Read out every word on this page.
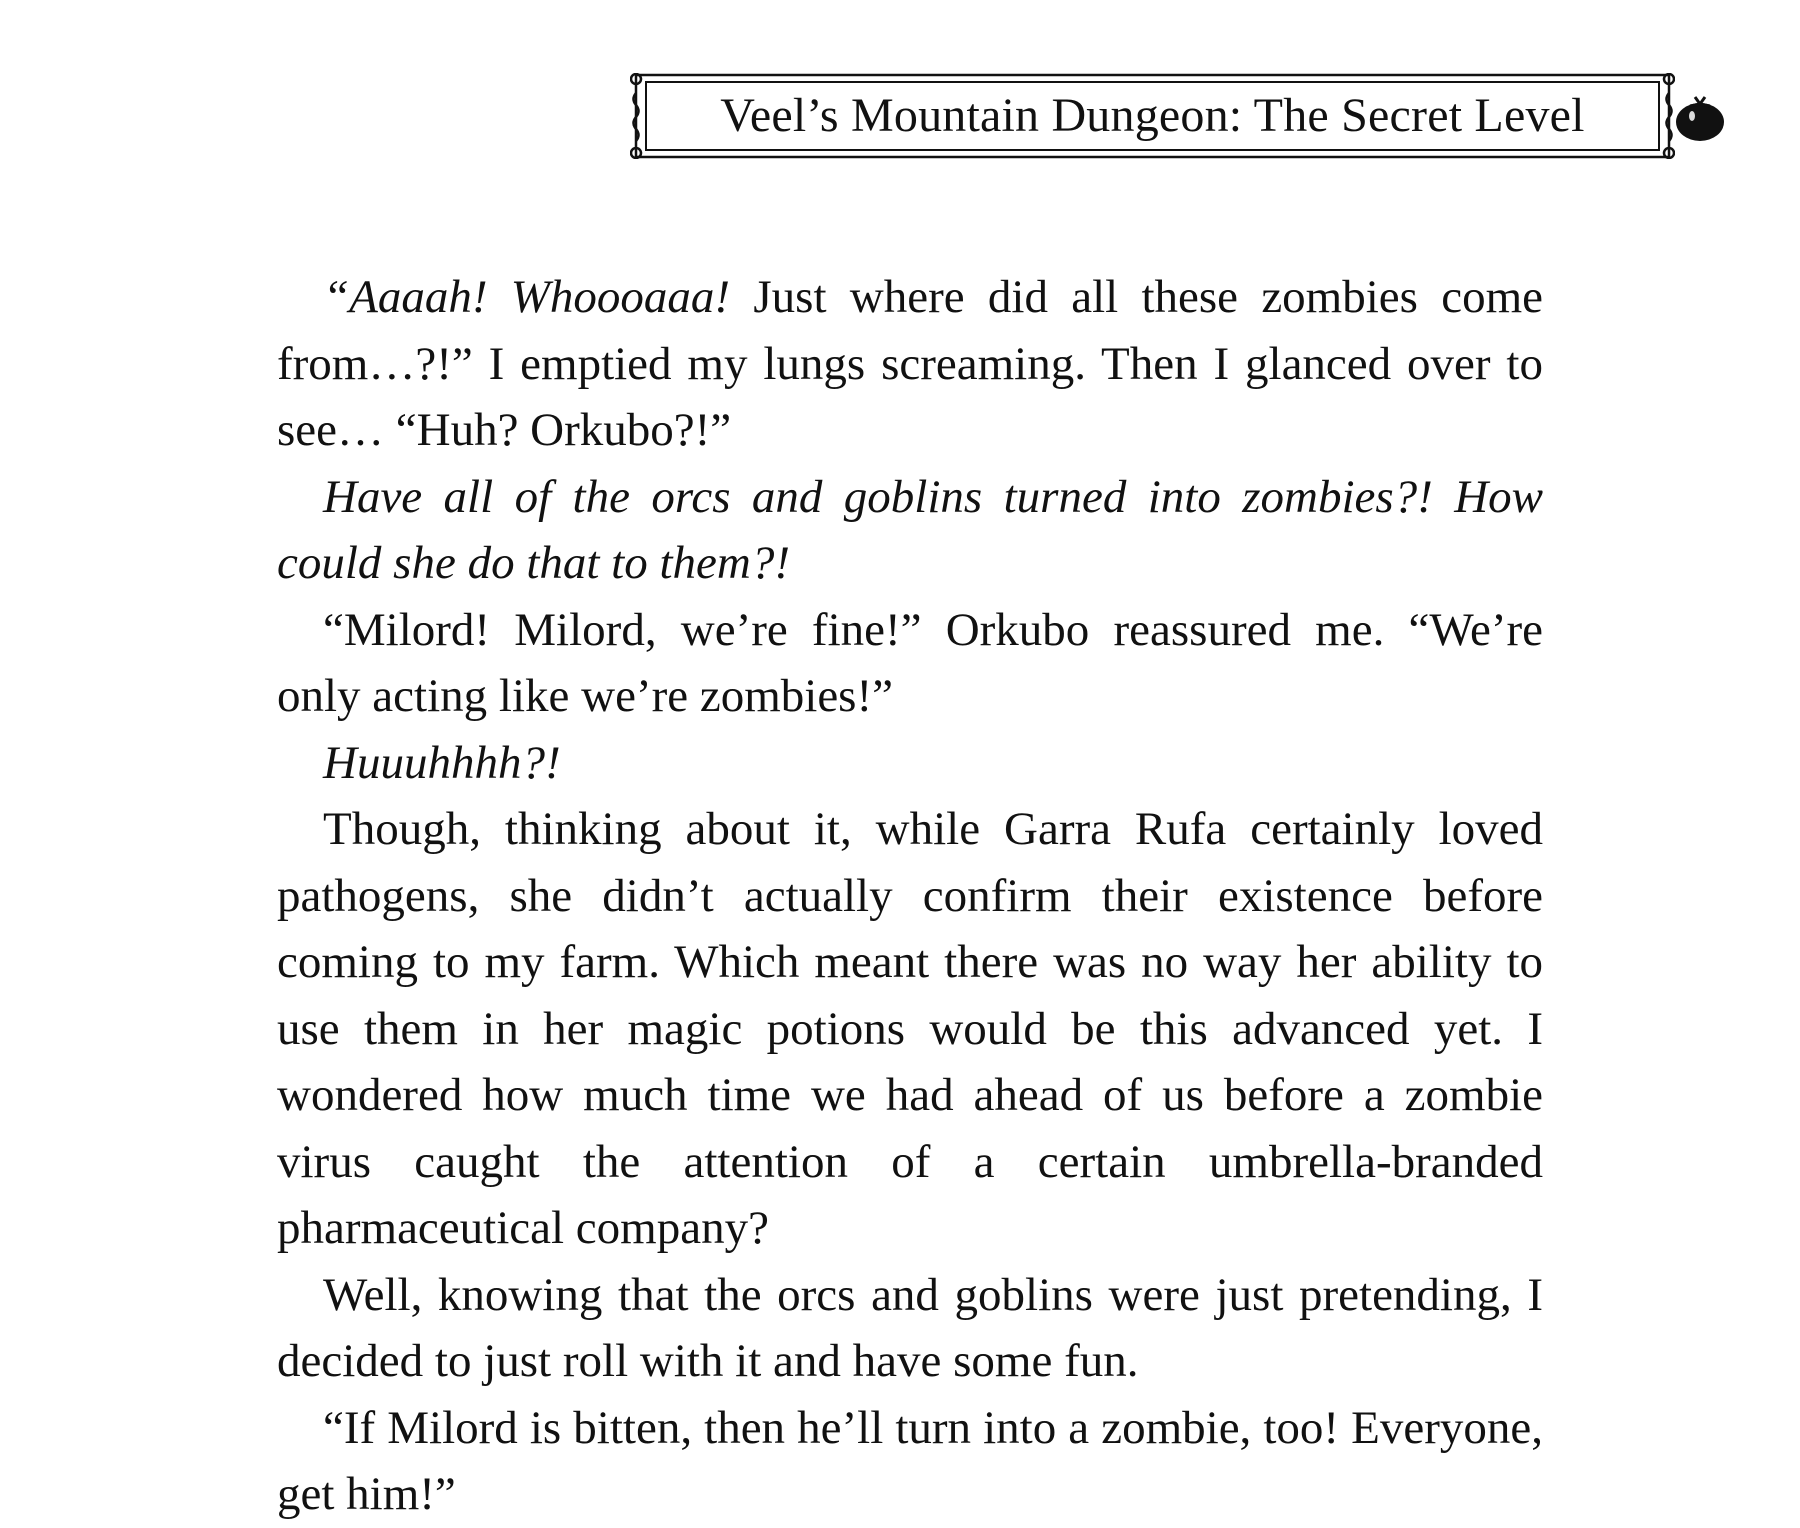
Veel’s Mountain Dungeon: The Secret Level

“Aaaah! Whoooaaa! Just where did all these zombies come from…?!” I emptied my lungs screaming. Then I glanced over to see… “Huh? Orkubo?!”

Have all of the orcs and goblins turned into zombies?! How could she do that to them?!

“Milord! Milord, we’re fine!” Orkubo reassured me. “We’re only acting like we’re zombies!”

Huuuhhhh?!

Though, thinking about it, while Garra Rufa certainly loved pathogens, she didn’t actually confirm their existence before coming to my farm. Which meant there was no way her ability to use them in her magic potions would be this advanced yet. I wondered how much time we had ahead of us before a zombie virus caught the attention of a certain umbrella-branded pharmaceutical company?

Well, knowing that the orcs and goblins were just pretending, I decided to just roll with it and have some fun.

“If Milord is bitten, then he’ll turn into a zombie, too! Everyone, get him!”
